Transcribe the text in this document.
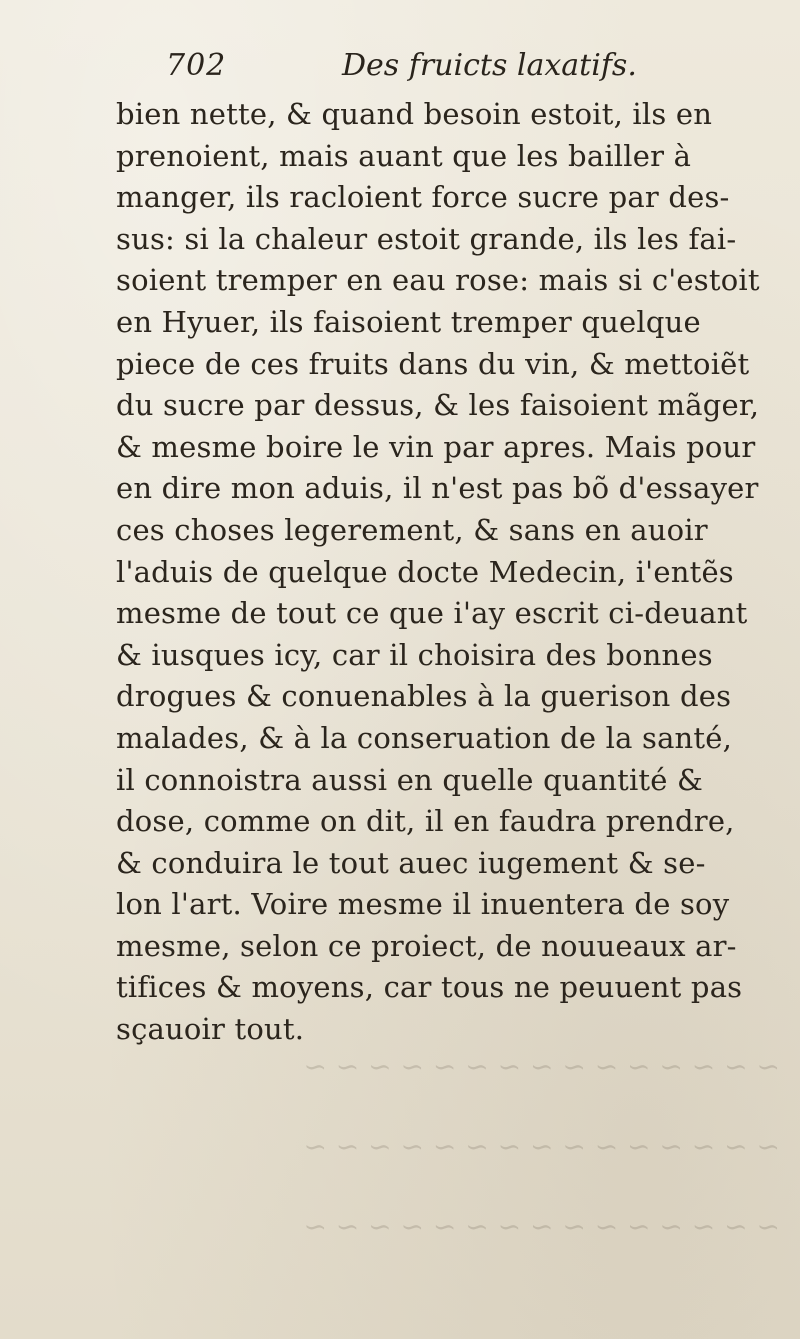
~ ~ ~ ~ ~ ~ ~ ~ ~ ~ ~ ~ ~ ~ ~
~ ~ ~ ~ ~ ~ ~ ~ ~ ~ ~ ~ ~ ~ ~
~ ~ ~ ~ ~ ~ ~ ~ ~ ~ ~ ~ ~ ~ ~
702	Des fruicts laxatifs.
bien nette, & quand besoin estoit, ils en
prenoient, mais auant que les bailler à
manger, ils racloient force sucre par des-
sus: si la chaleur estoit grande, ils les fai-
soient tremper en eau rose: mais si c'estoit
en Hyuer, ils faisoient tremper quelque
piece de ces fruits dans du vin, & mettoiẽt
du sucre par dessus, & les faisoient mãger,
& mesme boire le vin par apres. Mais pour
en dire mon aduis, il n'est pas bõ d'essayer
ces choses legerement, & sans en auoir
l'aduis de quelque docte Medecin, i'entẽs
mesme de tout ce que i'ay escrit ci-deuant
& iusques icy, car il choisira des bonnes
drogues & conuenables à la guerison des
malades, & à la conseruation de la santé,
il connoistra aussi en quelle quantité &
dose, comme on dit, il en faudra prendre,
& conduira le tout auec iugement & se-
lon l'art. Voire mesme il inuentera de soy
mesme, selon ce proiect, de nouueaux ar-
tifices & moyens, car tous ne peuuent pas
sçauoir tout.
